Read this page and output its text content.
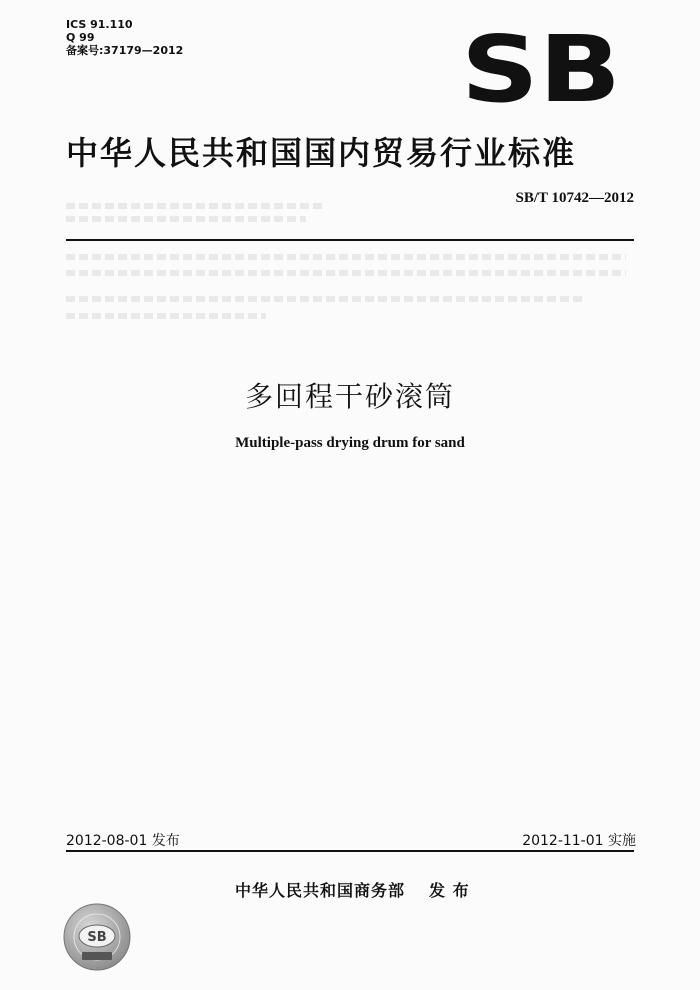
ICS 91.110
Q 99
备案号:37179—2012	SB
中华人民共和国国内贸易行业标准
SB/T 10742—2012
多回程干砂滚筒
Multiple-pass drying drum for sand
2012-08-01 发布	2012-11-01 实施
中华人民共和国商务部 发 布
SB
